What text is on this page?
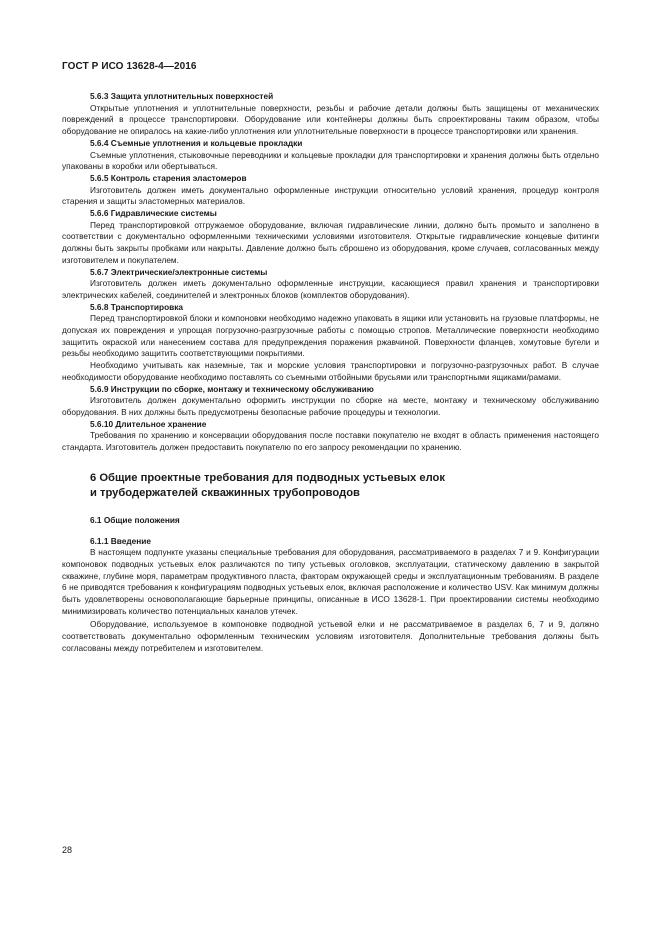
ГОСТ Р ИСО 13628-4—2016

5.6.3 Защита уплотнительных поверхностей

Открытые уплотнения и уплотнительные поверхности, резьбы и рабочие детали должны быть защищены от механических повреждений в процессе транспортировки. Оборудование или контейнеры должны быть спроектированы таким образом, чтобы оборудование не опиралось на какие-либо уплотнения или уплотнительные поверхности в процессе транспортировки или хранения.

5.6.4 Съемные уплотнения и кольцевые прокладки

Съемные уплотнения, стыковочные переводники и кольцевые прокладки для транспортировки и хранения должны быть отдельно упакованы в коробки или обертываться.

5.6.5 Контроль старения эластомеров

Изготовитель должен иметь документально оформленные инструкции относительно условий хранения, процедур контроля старения и защиты эластомерных материалов.

5.6.6 Гидравлические системы

Перед транспортировкой отгружаемое оборудование, включая гидравлические линии, должно быть промыто и заполнено в соответствии с документально оформленными техническими условиями изготовителя. Открытые гидравлические концевые фитинги должны быть закрыты пробками или накрыты. Давление должно быть сброшено из оборудования, кроме случаев, согласованных между изготовителем и покупателем.

5.6.7 Электрические/электронные системы

Изготовитель должен иметь документально оформленные инструкции, касающиеся правил хранения и транспортировки электрических кабелей, соединителей и электронных блоков (комплектов оборудования).

5.6.8 Транспортировка

Перед транспортировкой блоки и компоновки необходимо надежно упаковать в ящики или установить на грузовые платформы, не допуская их повреждения и упрощая погрузочно-разгрузочные работы с помощью стропов. Металлические поверхности необходимо защитить окраской или нанесением состава для предупреждения поражения ржавчиной. Поверхности фланцев, хомутовые бугели и резьбы необходимо защитить соответствующими покрытиями.

Необходимо учитывать как наземные, так и морские условия транспортировки и погрузочно-разгрузочных работ. В случае необходимости оборудование необходимо поставлять со съемными отбойными брусьями или транспортными ящиками/рамами.

5.6.9 Инструкции по сборке, монтажу и техническому обслуживанию

Изготовитель должен документально оформить инструкции по сборке на месте, монтажу и техническому обслуживанию оборудования. В них должны быть предусмотрены безопасные рабочие процедуры и технологии.

5.6.10 Длительное хранение

Требования по хранению и консервации оборудования после поставки покупателю не входят в область применения настоящего стандарта. Изготовитель должен предоставить покупателю по его запросу рекомендации по хранению.

6 Общие проектные требования для подводных устьевых елок
и трубодержателей скважинных трубопроводов

6.1 Общие положения

6.1.1 Введение

В настоящем подпункте указаны специальные требования для оборудования, рассматриваемого в разделах 7 и 9. Конфигурации компоновок подводных устьевых елок различаются по типу устьевых оголовков, эксплуатации, статическому давлению в закрытой скважине, глубине моря, параметрам продуктивного пласта, факторам окружающей среды и эксплуатационным требованиям. В разделе 6 не приводятся требования к конфигурациям подводных устьевых елок, включая расположение и количество USV. Как минимум должны быть удовлетворены основополагающие барьерные принципы, описанные в ИСО 13628-1. При проектировании системы необходимо минимизировать количество потенциальных каналов утечек.

Оборудование, используемое в компоновке подводной устьевой елки и не рассматриваемое в разделах 6, 7 и 9, должно соответствовать документально оформленным техническим условиям изготовителя. Дополнительные требования должны быть согласованы между потребителем и изготовителем.

28
